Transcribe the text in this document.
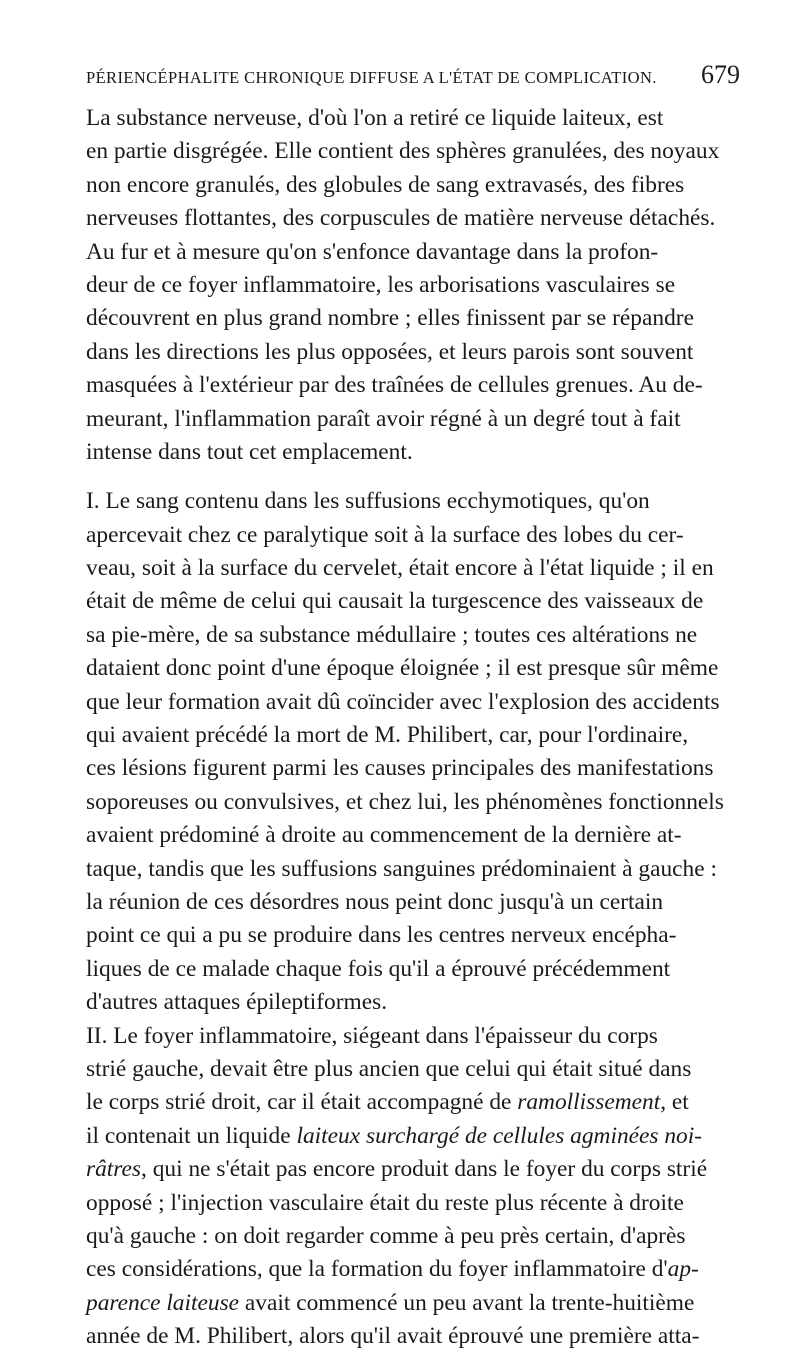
PÉRIENCÉPHALITE CHRONIQUE DIFFUSE A L'ÉTAT DE COMPLICATION. 679

La substance nerveuse, d'où l'on a retiré ce liquide laiteux, est

en partie disgrégée. Elle contient des sphères granulées, des noyaux

non encore granulés, des globules de sang extravasés, des fibres

nerveuses flottantes, des corpuscules de matière nerveuse détachés.

Au fur et à mesure qu'on s'enfonce davantage dans la profon-

deur de ce foyer inflammatoire, les arborisations vasculaires se

découvrent en plus grand nombre ; elles finissent par se répandre

dans les directions les plus opposées, et leurs parois sont souvent

masquées à l'extérieur par des traînées de cellules grenues. Au de-

meurant, l'inflammation paraît avoir régné à un degré tout à fait

intense dans tout cet emplacement.

I. Le sang contenu dans les suffusions ecchymotiques, qu'on

apercevait chez ce paralytique soit à la surface des lobes du cer-

veau, soit à la surface du cervelet, était encore à l'état liquide ; il en

était de même de celui qui causait la turgescence des vaisseaux de

sa pie-mère, de sa substance médullaire ; toutes ces altérations ne

dataient donc point d'une époque éloignée ; il est presque sûr même

que leur formation avait dû coïncider avec l'explosion des accidents

qui avaient précédé la mort de M. Philibert, car, pour l'ordinaire,

ces lésions figurent parmi les causes principales des manifestations

soporeuses ou convulsives, et chez lui, les phénomènes fonctionnels

avaient prédominé à droite au commencement de la dernière at-

taque, tandis que les suffusions sanguines prédominaient à gauche :

la réunion de ces désordres nous peint donc jusqu'à un certain

point ce qui a pu se produire dans les centres nerveux encépha-

liques de ce malade chaque fois qu'il a éprouvé précédemment

d'autres attaques épileptiformes.

II. Le foyer inflammatoire, siégeant dans l'épaisseur du corps

strié gauche, devait être plus ancien que celui qui était situé dans

le corps strié droit, car il était accompagné de ramollissement, et

il contenait un liquide laiteux surchargé de cellules agminées noi-

râtres, qui ne s'était pas encore produit dans le foyer du corps strié

opposé ; l'injection vasculaire était du reste plus récente à droite

qu'à gauche : on doit regarder comme à peu près certain, d'après

ces considérations, que la formation du foyer inflammatoire d'ap-

parence laiteuse avait commencé un peu avant la trente-huitième

année de M. Philibert, alors qu'il avait éprouvé une première atta-
